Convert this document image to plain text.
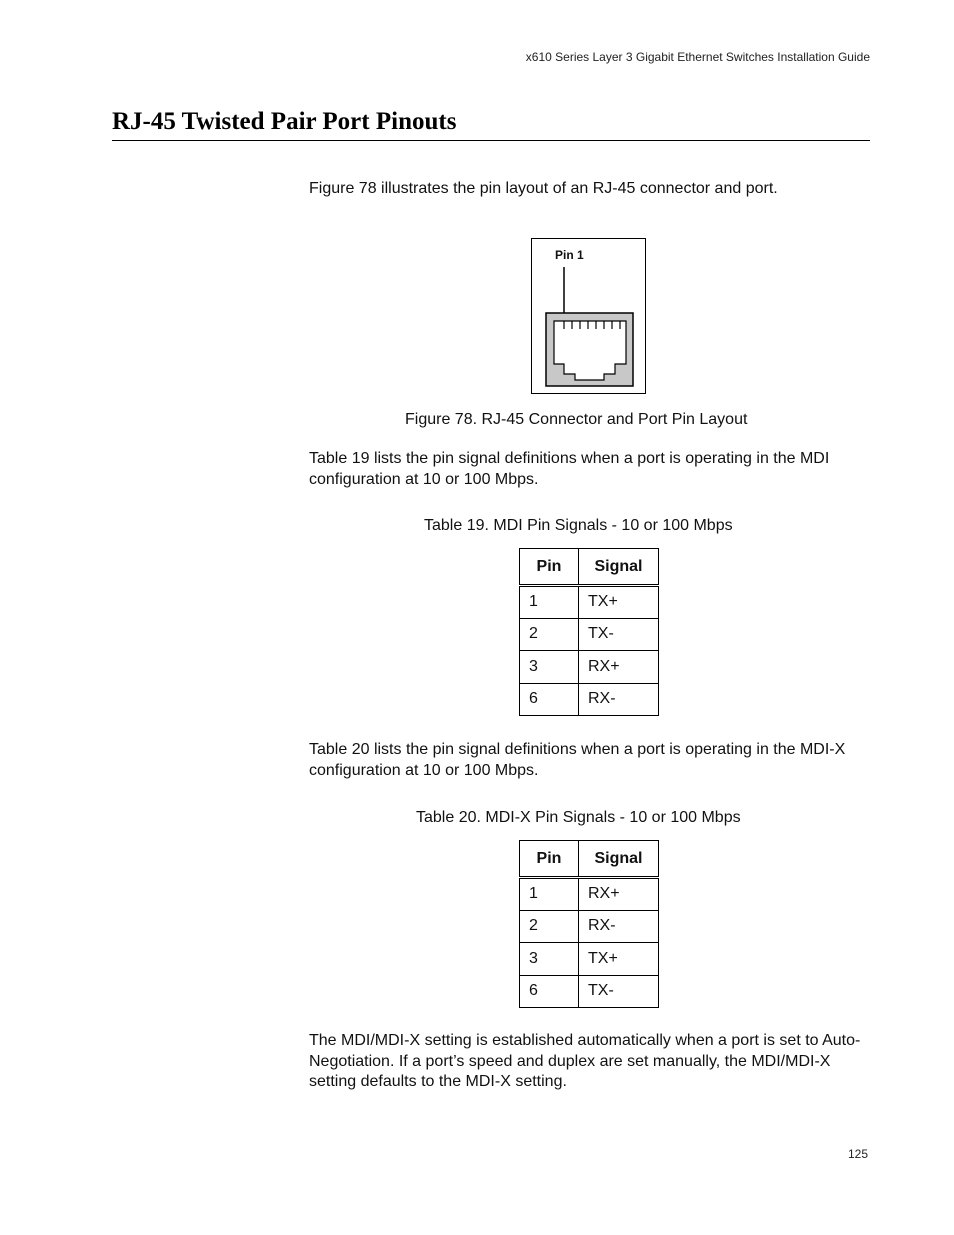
x610 Series Layer 3 Gigabit Ethernet Switches Installation Guide
RJ-45 Twisted Pair Port Pinouts

Figure 78 illustrates the pin layout of an RJ-45 connector and port.

Pin 1
Figure 78. RJ-45 Connector and Port Pin Layout

Table 19 lists the pin signal definitions when a port is operating in the MDI configuration at 10 or 100 Mbps.

Table 19. MDI Pin Signals - 10 or 100 Mbps
Pin	Signal
1	TX+
2	TX-
3	RX+
6	RX-

Table 20 lists the pin signal definitions when a port is operating in the MDI-X configuration at 10 or 100 Mbps.

Table 20. MDI-X Pin Signals - 10 or 100 Mbps
Pin	Signal
1	RX+
2	RX-
3	TX+
6	TX-

The MDI/MDI-X setting is established automatically when a port is set to Auto-Negotiation. If a port’s speed and duplex are set manually, the MDI/MDI-X setting defaults to the MDI-X setting.

125
